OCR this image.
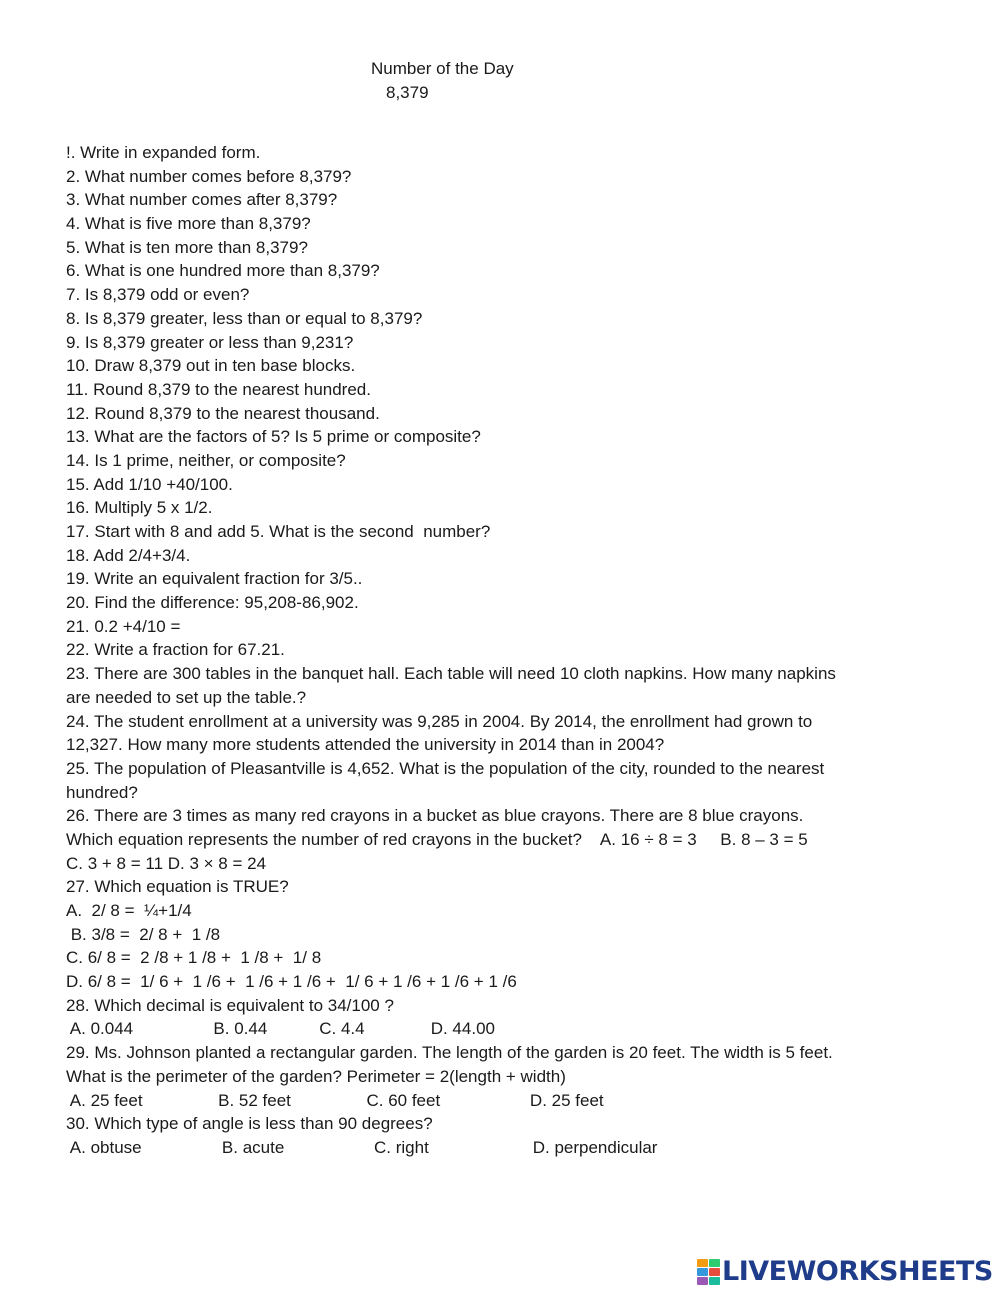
Number of the Day
8,379
!. Write in expanded form.
2. What number comes before 8,379?
3. What number comes after 8,379?
4. What is five more than 8,379?
5. What is ten more than 8,379?
6. What is one hundred more than 8,379?
7. Is 8,379 odd or even?
8. Is 8,379 greater, less than or equal to 8,379?
9. Is 8,379 greater or less than 9,231?
10. Draw 8,379 out in ten base blocks.
11. Round 8,379 to the nearest hundred.
12. Round 8,379 to the nearest thousand.
13. What are the factors of 5? Is 5 prime or composite?
14. Is 1 prime, neither, or composite?
15. Add 1/10 +40/100.
16. Multiply 5 x 1/2.
17. Start with 8 and add 5. What is the second  number?
18. Add 2/4+3/4.
19. Write an equivalent fraction for 3/5..
20. Find the difference: 95,208-86,902.
21. 0.2 +4/10 =
22. Write a fraction for 67.21.
23. There are 300 tables in the banquet hall. Each table will need 10 cloth napkins. How many napkins
are needed to set up the table.?
24. The student enrollment at a university was 9,285 in 2004. By 2014, the enrollment had grown to
12,327. How many more students attended the university in 2014 than in 2004?
25. The population of Pleasantville is 4,652. What is the population of the city, rounded to the nearest
hundred?
26. There are 3 times as many red crayons in a bucket as blue crayons. There are 8 blue crayons.
Which equation represents the number of red crayons in the bucket?    A. 16 ÷ 8 = 3     B. 8 – 3 = 5
C. 3 + 8 = 11 D. 3 × 8 = 24
27. Which equation is TRUE?
A.  2/ 8 =  ¼+1/4
B. 3/8 =  2/ 8 +  1 /8
C. 6/ 8 =  2 /8 + 1 /8 +  1 /8 +  1/ 8
D. 6/ 8 =  1/ 6 +  1 /6 +  1 /6 + 1 /6 +  1/ 6 + 1 /6 + 1 /6 + 1 /6
28. Which decimal is equivalent to 34/100 ?
A. 0.044                 B. 0.44           C. 4.4              D. 44.00
29. Ms. Johnson planted a rectangular garden. The length of the garden is 20 feet. The width is 5 feet.
What is the perimeter of the garden? Perimeter = 2(length + width)
A. 25 feet                B. 52 feet                C. 60 feet                   D. 25 feet
30. Which type of angle is less than 90 degrees?
A. obtuse                 B. acute                   C. right                      D. perpendicular
LIVEWORKSHEETS
